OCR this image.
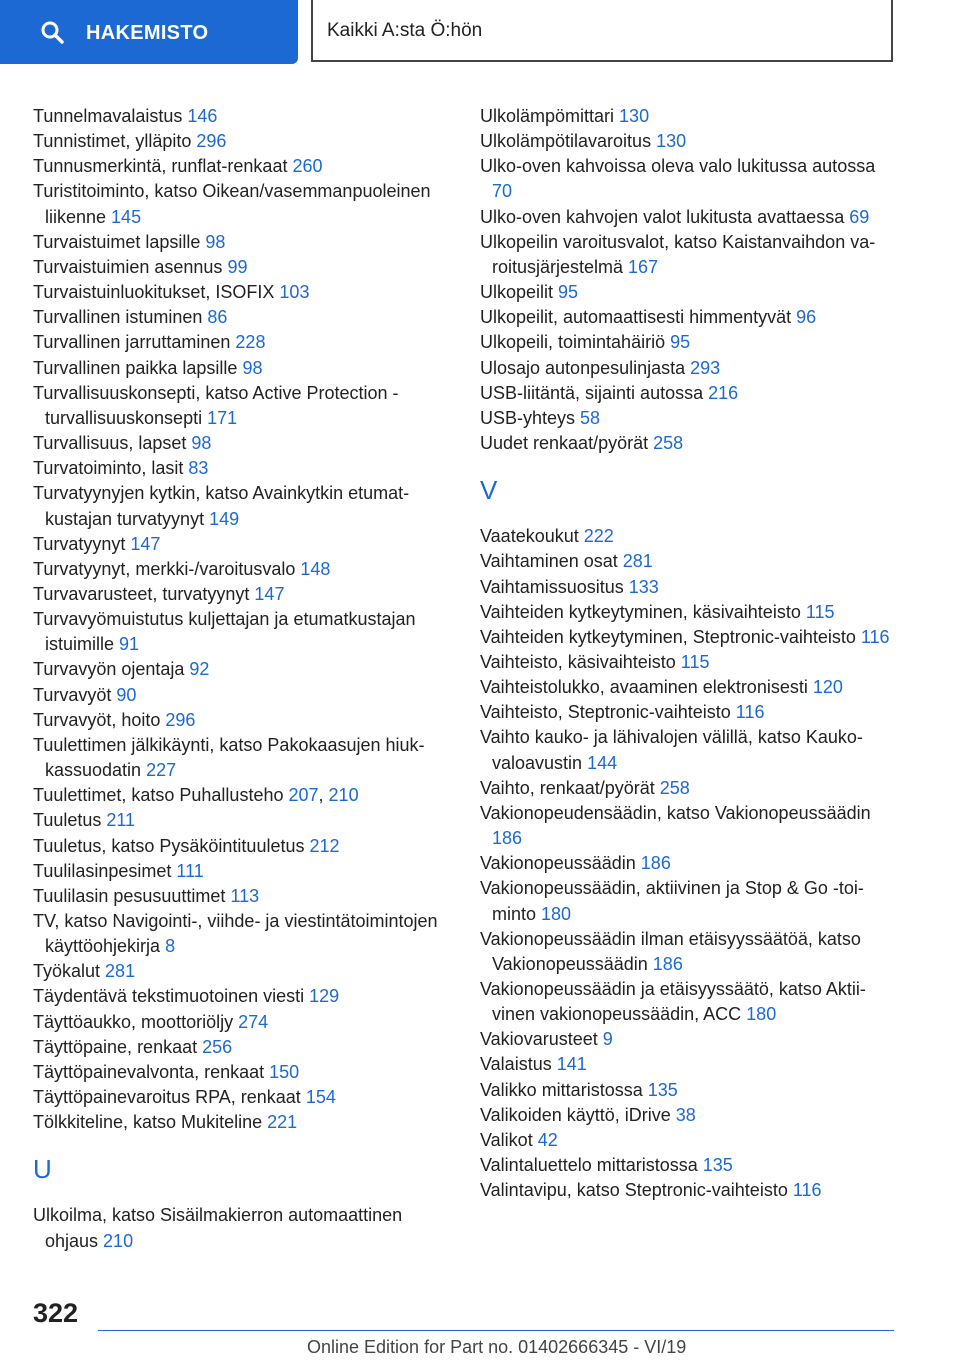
HAKEMISTO	Kaikki A:sta Ö:hön

Tunnelmavalaistus 146

Tunnistimet, ylläpito 296

Tunnusmerkintä, runflat-renkaat 260

Turistitoiminto, katso Oikean/vasemmanpuoleinen liikenne 145

Turvaistuimet lapsille 98

Turvaistuimien asennus 99

Turvaistuinluokitukset, ISOFIX 103

Turvallinen istuminen 86

Turvallinen jarruttaminen 228

Turvallinen paikka lapsille 98

Turvallisuuskonsepti, katso Active Protection -turvallisuuskonsepti 171

Turvallisuus, lapset 98

Turvatoiminto, lasit 83

Turvatyynyjen kytkin, katso Avainkytkin etumatkustajan turvatyynyt 149

Turvatyynyt 147

Turvatyynyt, merkki-/varoitusvalo 148

Turvavarusteet, turvatyynyt 147

Turvavyömuistutus kuljettajan ja etumatkustajan istuimille 91

Turvavyön ojentaja 92

Turvavyöt 90

Turvavyöt, hoito 296

Tuulettimen jälkikäynti, katso Pakokaasujen hiukkassuodatin 227

Tuulettimet, katso Puhallusteho 207, 210

Tuuletus 211

Tuuletus, katso Pysäköintituuletus 212

Tuulilasinpesimet 111

Tuulilasin pesusuuttimet 113

TV, katso Navigointi-, viihde- ja viestintätoimintojen käyttöohjekirja 8

Työkalut 281

Täydentävä tekstimuotoinen viesti 129

Täyttöaukko, moottoriöljy 274

Täyttöpaine, renkaat 256

Täyttöpainevalvonta, renkaat 150

Täyttöpainevaroitus RPA, renkaat 154

Tölkkiteline, katso Mukiteline 221

U

Ulkoilma, katso Sisäilmakierron automaattinen ohjaus 210

Ulkolämpömittari 130

Ulkolämpötilavaroitus 130

Ulko-oven kahvoissa oleva valo lukitussa autossa 70

Ulko-oven kahvojen valot lukitusta avattaessa 69

Ulkopeilin varoitusvalot, katso Kaistanvaihdon varoitusjärjestelmä 167

Ulkopeilit 95

Ulkopeilit, automaattisesti himmentyvät 96

Ulkopeili, toimintahäiriö 95

Ulosajo autonpesulinjasta 293

USB-liitäntä, sijainti autossa 216

USB-yhteys 58

Uudet renkaat/pyörät 258

V

Vaatekoukut 222

Vaihtaminen osat 281

Vaihtamissuositus 133

Vaihteiden kytkeytyminen, käsivaihteisto 115

Vaihteiden kytkeytyminen, Steptronic-vaihteisto 116

Vaihteisto, käsivaihteisto 115

Vaihteistolukko, avaaminen elektronisesti 120

Vaihteisto, Steptronic-vaihteisto 116

Vaihto kauko- ja lähivalojen välillä, katso Kaukovaloavustin 144

Vaihto, renkaat/pyörät 258

Vakionopeudensäädin, katso Vakionopeussäädin 186

Vakionopeussäädin 186

Vakionopeussäädin, aktiivinen ja Stop & Go -toiminto 180

Vakionopeussäädin ilman etäisyyssäätöä, katso Vakionopeussäädin 186

Vakionopeussäädin ja etäisyyssäätö, katso Aktiivinen vakionopeussäädin, ACC 180

Vakiovarusteet 9

Valaistus 141

Valikko mittaristossa 135

Valikoiden käyttö, iDrive 38

Valikot 42

Valintaluettelo mittaristossa 135

Valintavipu, katso Steptronic-vaihteisto 116

322
Online Edition for Part no. 01402666345 - VI/19
